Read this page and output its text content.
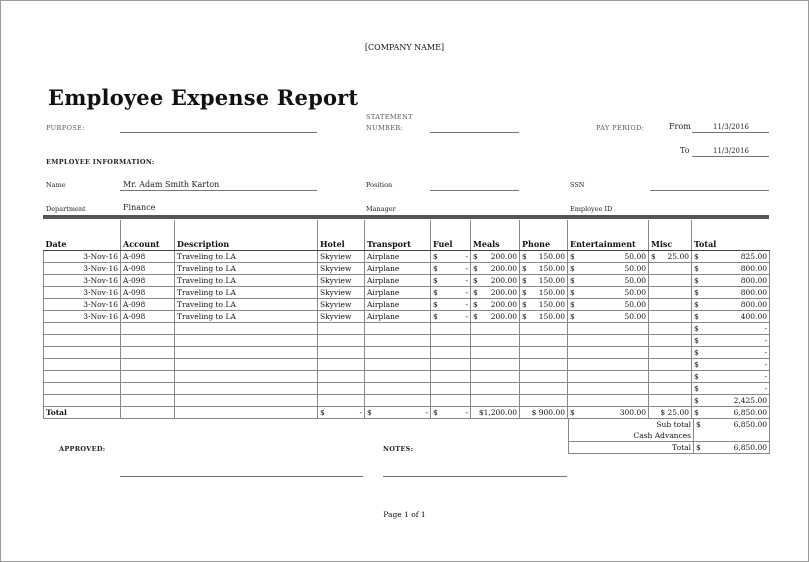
[COMPANY NAME]
Employee Expense Report
PURPOSE:
STATEMENT
NUMBER:	PAY PERIOD:	From	11/3/2016
To	11/3/2016
EMPLOYEE INFORMATION:
Name	Mr. Adam Smith Karton	Position	SSN
Department	Finance	Manager	Employee ID
Date	Account	Description	Hotel	Transport	Fuel	Meals	Phone	Entertainment	Misc	Total
3-Nov-16	A-098	Traveling to LA	Skyview	Airplane	$ -	$ 200.00	$ 150.00	$ 50.00	$ 25.00	$ 825.00

3-Nov-16	A-098	Traveling to LA	Skyview	Airplane	$ -	$ 200.00	$ 150.00	$ 50.00		$ 800.00

3-Nov-16	A-098	Traveling to LA	Skyview	Airplane	$ -	$ 200.00	$ 150.00	$ 50.00		$ 800.00

3-Nov-16	A-098	Traveling to LA	Skyview	Airplane	$ -	$ 200.00	$ 150.00	$ 50.00		$ 800.00

3-Nov-16	A-098	Traveling to LA	Skyview	Airplane	$ -	$ 200.00	$ 150.00	$ 50.00		$ 800.00

3-Nov-16	A-098	Traveling to LA	Skyview	Airplane	$ -	$ 200.00	$ 150.00	$ 50.00		$ 400.00

										$ -

										$ -

										$ -

										$ -

										$ -

										$ -

										$ 2,425.00

Total			$ -	$ -	$ -	$1,200.00	$ 900.00	$ 300.00	$ 25.00	$ 6,850.00
Sub total	$ 6,850.00

Cash Advances	
Total	$ 6,850.00
APPROVED:	NOTES:
Page 1 of 1
